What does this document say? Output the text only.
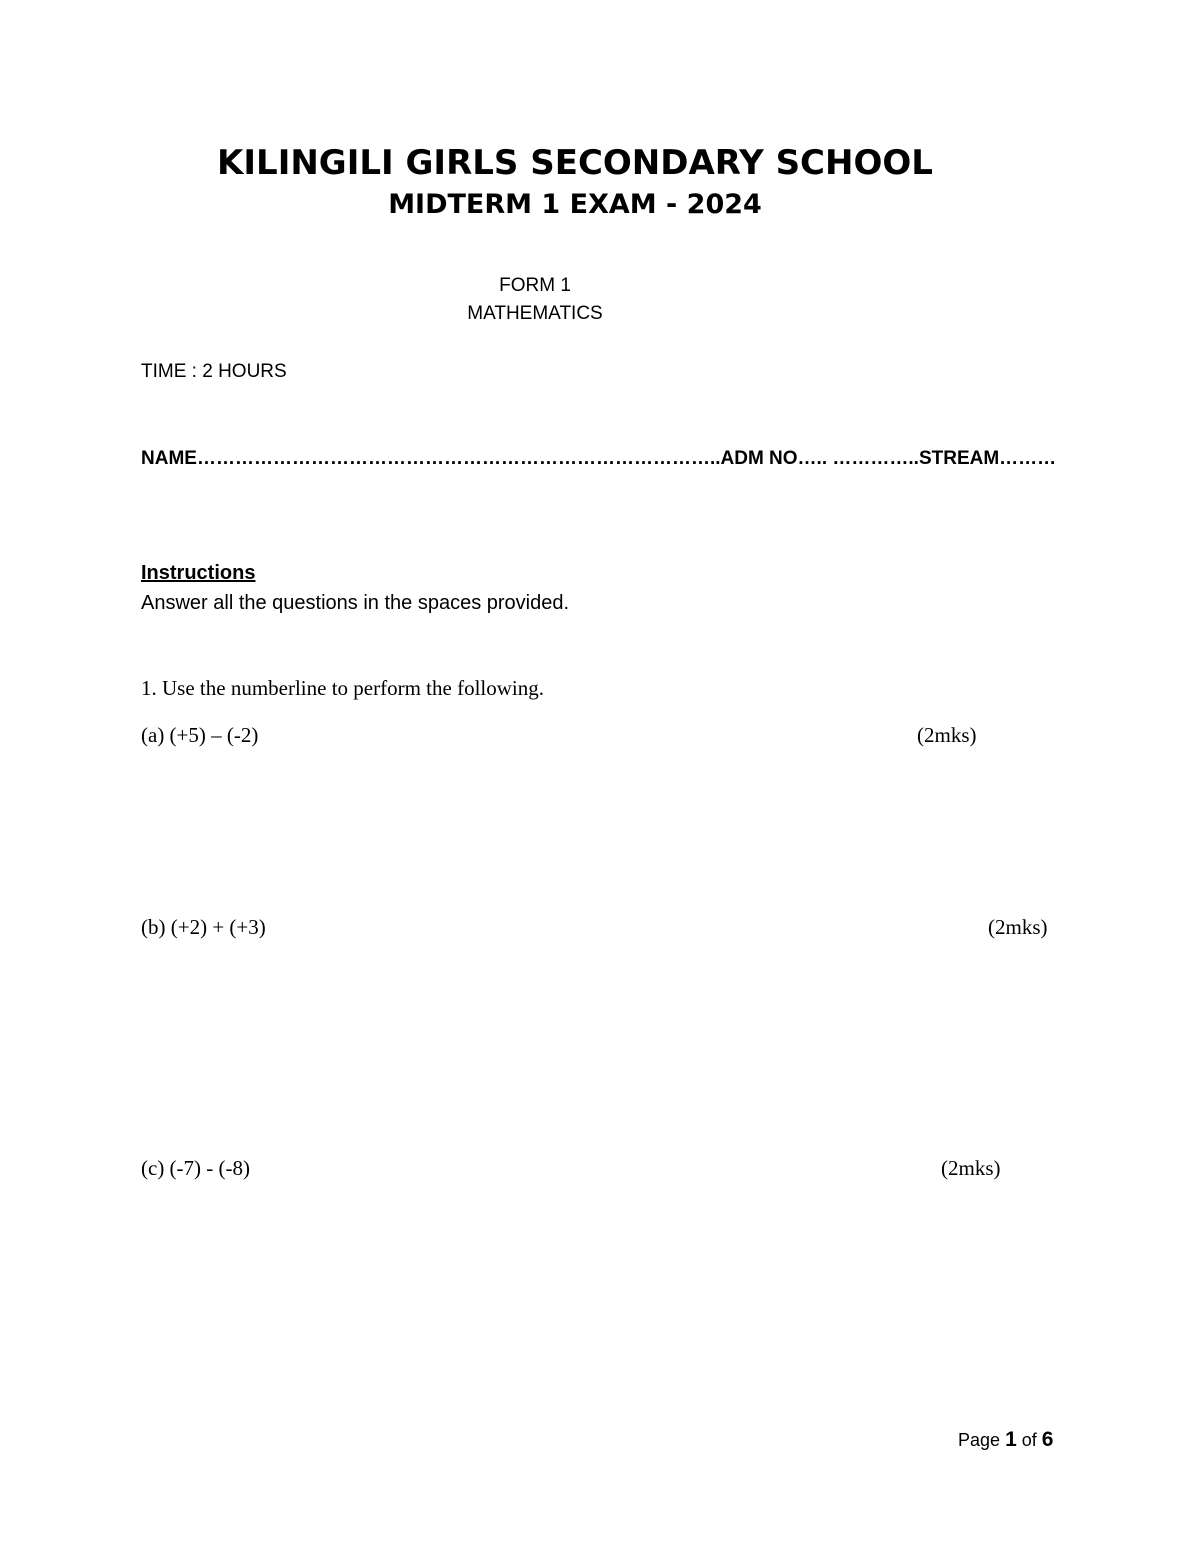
KILINGILI GIRLS SECONDARY SCHOOL
MIDTERM 1 EXAM - 2024
FORM 1
MATHEMATICS
TIME : 2 HOURS
NAME………………………………………………………………………..ADM NO….. …………..STREAM………
Instructions
Answer all the questions in the spaces provided.
1. Use the numberline to perform the following.
(a) (+5) – (-2)	(2mks)
(b) (+2) + (+3)	(2mks)
(c) (-7) - (-8)	(2mks)
Page 1 of 6
